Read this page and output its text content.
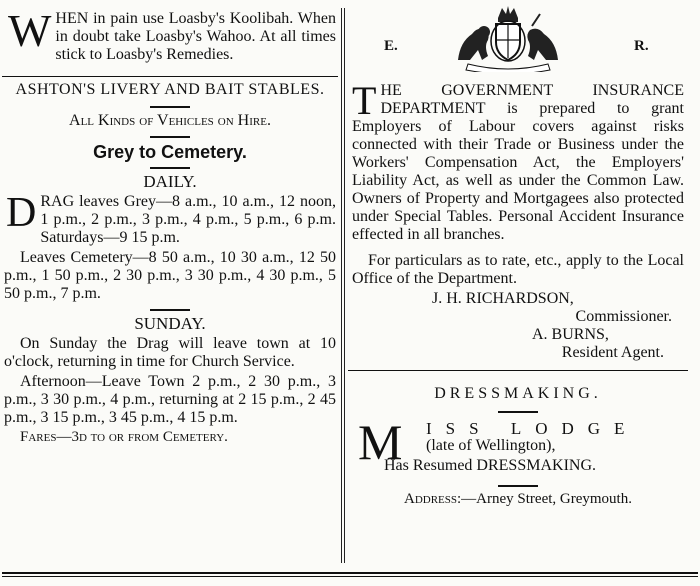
W HEN in pain use Loasby's Koolibah. When in doubt take Loasby's Wahoo. At all times stick to Loasby's Remedies.

ASHTON'S LIVERY AND BAIT STABLES.

All Kinds of Vehicles on Hire.

Grey to Cemetery.

DAILY.

D RAG leaves Grey—8 a.m., 10 a.m., 12 noon, 1 p.m., 2 p.m., 3 p.m., 4 p.m., 5 p.m., 6 p.m. Saturdays—9 15 p.m.

Leaves Cemetery—8 50 a.m., 10 30 a.m., 12 50 p.m., 1 50 p.m., 2 30 p.m., 3 30 p.m., 4 30 p.m., 5 50 p.m., 7 p.m.

SUNDAY.

On Sunday the Drag will leave town at 10 o'clock, returning in time for Church Service.

Afternoon—Leave Town 2 p.m., 2 30 p.m., 3 p.m., 3 30 p.m., 4 p.m., returning at 2 15 p.m., 2 45 p.m., 3 15 p.m., 3 45 p.m., 4 15 p.m.

Fares—3d to or from Cemetery.

E.	R.
T HE GOVERNMENT INSURANCE DEPARTMENT is prepared to grant Employers of Labour covers against risks connected with their Trade or Business under the Workers' Compensation Act, the Employers' Liability Act, as well as under the Common Law. Owners of Property and Mortgagees also protected under Special Tables. Personal Accident Insurance effected in all branches.

For particulars as to rate, etc., apply to the Local Office of the Department.

J. H. RICHARDSON,

Commissioner.

A. BURNS,

Resident Agent.

DRESSMAKING.

M ISS LODGE

(late of Wellington),

Has Resumed DRESSMAKING.

Address:—Arney Street, Greymouth.
